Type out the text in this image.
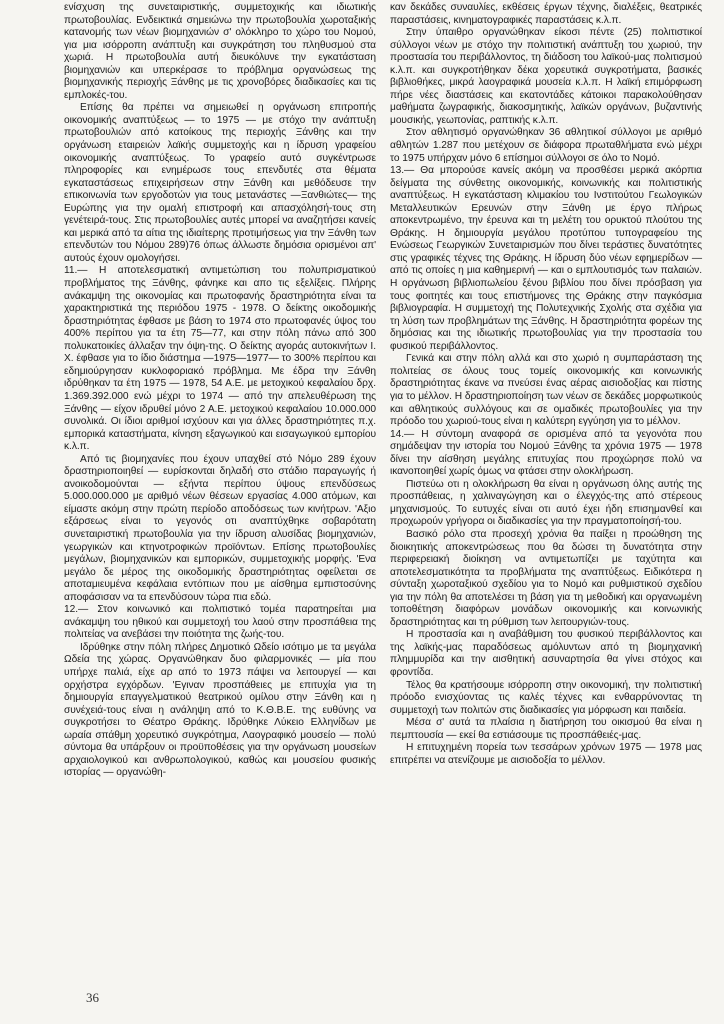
ενίσχυση της συνεταιριστικής, συμμετοχικής και ιδιωτικής πρωτοβουλίας. Ενδεικτικά σημειώνω την πρωτοβουλία χωροταξικής κατανομής των νέων βιομηχανιών σ' ολόκληρο το χώρο του Νομού, για μια ισόρροπη ανάπτυξη και συγκράτηση του πληθυσμού στα χωριά. Η πρωτοβουλία αυτή διευκόλυνε την εγκατάσταση βιομηχανιών και υπερκέρασε το πρόβλημα οργανώσεως της βιομηχανικής περιοχής Ξάνθης με τις χρονοβόρες διαδικασίες και τις εμπλοκές-του.

Επίσης θα πρέπει να σημειωθεί η οργάνωση επιτροπής οικονομικής αναπτύξεως — το 1975 — με στόχο την ανάπτυξη πρωτοβουλιών από κατοίκους της περιοχής Ξάνθης και την οργάνωση εταιρειών λαϊκής συμμετοχής και η ίδρυση γραφείου οικονομικής αναπτύξεως. Το γραφείο αυτό συγκέντρωσε πληροφορίες και ενημέρωσε τους επενδυτές στα θέματα εγκαταστάσεως επιχειρήσεων στην Ξάνθη και μεθόδευσε την επικοινωνία των εργοδοτών για τους μετανάστες —Ξανθιώτες— της Ευρώπης για την ομαλή επιστροφή και απασχόλησή-τους στη γενέτειρά-τους. Στις πρωτοβουλίες αυτές μπορεί να αναζητήσει κανείς και μερικά από τα αίτια της ιδιαίτερης προτιμήσεως για την Ξάνθη των επενδυτών του Νόμου 289)76 όπως άλλωστε δημόσια ορισμένοι απ' αυτούς έχουν ομολογήσει.

11.— Η αποτελεσματική αντιμετώπιση του πολυπρισματικού προβλήματος της Ξάνθης, φάνηκε και απο τις εξελίξεις. Πλήρης ανάκαμψη της οικονομίας και πρωτοφανής δραστηριότητα είναι τα χαρακτηριστικά της περιόδου 1975 - 1978. Ο δείκτης οικοδομικής δραστηριότητας έφθασε με βάση το 1974 στο πρωτοφανές ύψος του 400% περίπου για τα έτη 75—77, και στην πόλη πάνω από 300 πολυκατοικίες άλλαξαν την όψη-της. Ο δείκτης αγοράς αυτοκινήτων Ι. Χ. έφθασε για το ίδιο διάστημα —1975—1977— το 300% περίπου και εδημιούργησαν κυκλοφοριακό πρόβλημα. Με έδρα την Ξάνθη ιδρύθηκαν τα έτη 1975 — 1978, 54 Α.Ε. με μετοχικού κεφαλαίου δρχ. 1.369.392.000 ενώ μέχρι το 1974 — από την απελευθέρωση της Ξάνθης — είχον ιδρυθεί μόνο 2 Α.Ε. μετοχικού κεφαλαίου 10.000.000 συνολικά. Οι ίδιοι αριθμοί ισχύουν και για άλλες δραστηριότητες π.χ. εμπορικά καταστήματα, κίνηση εξαγωγικού και εισαγωγικού εμπορίου κ.λ.π.

Από τις βιομηχανίες που έχουν υπαχθεί στό Νόμο 289 έχουν δραστηριοποιηθεί — ευρίσκονται δηλαδή στο στάδιο παραγωγής ή ανοικοδομούνται — εξήντα περίπου ύψους επενδύσεως 5.000.000.000 με αριθμό νέων θέσεων εργασίας 4.000 ατόμων, και είμαστε ακόμη στην πρώτη περίοδο αποδόσεως των κινήτρων. 'Αξιο εξάρσεως είναι το γεγονός οτι αναπτύχθηκε σοβαρότατη συνεταιριστική πρωτοβουλία για την ίδρυση αλυσίδας βιομηχανιών, γεωργικών και κτηνοτροφικών προϊόντων. Επίσης πρωτοβουλίες μεγάλων, βιομηχανικών και εμπορικών, συμμετοχικής μορφής. 'Ενα μεγάλο δε μέρος της οικοδομικής δραστηριότητας οφείλεται σε αποταμιευμένα κεφάλαια εντόπιων που με αίσθημα εμπιστοσύνης αποφάσισαν να τα επενδύσουν τώρα πια εδώ.

12.— Στον κοινωνικό και πολιτιστικό τομέα παρατηρείται μια ανάκαμψη του ηθικού και συμμετοχή του λαού στην προσπάθεια της πολιτείας να ανεβάσει την ποιότητα της ζωής-του.

Ιδρύθηκε στην πόλη πλήρες Δημοτικό Ωδείο ισότιμο με τα μεγάλα Ωδεία της χώρας. Οργανώθηκαν δυο φιλαρμονικές — μία που υπήρχε παλιά, είχε αρ από το 1973 πάψει να λειτουργεί — και ορχήστρα εγχόρδων. 'Εγιναν προσπάθειες με επιτυχία για τη δημιουργία επαγγελματικού θεατρικού ομίλου στην Ξάνθη και η συνέχειά-τους είναι η ανάληψη από το Κ.Θ.Β.Ε. της ευθύνης να συγκροτήσει το Θέατρο Θράκης. Ιδρύθηκε Λύκειο Ελληνίδων με ωραία σπάθμη χορευτικό συγκρότημα, Λαογραφικό μουσείο — πολύ σύντομα θα υπάρξουν οι προϋποθέσεις για την οργάνωση μουσείων αρχαιολογικού και ανθρωπολογικού, καθώς και μουσείου φυσικής ιστορίας — οργανώθη-

καν δεκάδες συναυλίες, εκθέσεις έργων τέχνης, διαλέξεις, θεατρικές παραστάσεις, κινηματογραφικές παραστάσεις κ.λ.π.

Στην ύπαιθρο οργανώθηκαν είκοσι πέντε (25) πολιτιστικοί σύλλογοι νέων με στόχο την πολιτιστική ανάπτυξη του χωριού, την προστασία του περιβάλλοντος, τη διάδοση του λαϊκού-μας πολιτισμού κ.λ.π. και συγκροτήθηκαν δέκα χορευτικά συγκροτήματα, βασικές βιβλιοθήκες, μικρά λαογραφικά μουσεία κ.λ.π. Η λαϊκή επιμόρφωση πήρε νέες διαστάσεις και εκατοντάδες κάτοικοι παρακολούθησαν μαθήματα ζωγραφικής, διακοσμητικής, λαϊκών οργάνων, βυζαντινής μουσικής, γεωπονίας, ραπτικής κ.λ.π.

Στον αθλητισμό οργανώθηκαν 36 αθλητικοί σύλλογοι με αριθμό αθλητών 1.287 που μετέχουν σε διάφορα πρωταθλήματα ενώ μέχρι το 1975 υπήρχαν μόνο 6 επίσημοι σύλλογοι σε όλο το Νομό.

13.— Θα μπορούσε κανείς ακόμη να προσθέσει μερικά ακόρπια δείγματα της σύνθετης οικονομικής, κοινωνικής και πολιτιστικής αναπτύξεως. Η εγκατάσταση κλιμακίου του Ινστιτούτου Γεωλογικών Μεταλλευτικών Ερευνών στην Ξάνθη με έργο πλήρως αποκεντρωμένο, την έρευνα και τη μελέτη του ορυκτού πλούτου της Θράκης. Η δημιουργία μεγάλου προτύπου τυπογραφείου της Ενώσεως Γεωργικών Συνεταιρισμών που δίνει τεράστιες δυνατότητες στις γραφικές τέχνες της Θράκης. Η ίδρυση δύο νέων εφημερίδων — από τις οποίες η μια καθημερινή — και ο εμπλουτισμός των παλαιών. Η οργάνωση βιβλιοπωλείου ξένου βιβλίου που δίνει πρόσβαση για τους φοιτητές και τους επιστήμονες της Θράκης στην παγκόσμια βιβλιογραφία. Η συμμετοχή της Πολυτεχνικής Σχολής στα σχέδια για τη λύση των προβλημάτων της Ξάνθης. Η δραστηριότητα φορέων της δημόσιας και της ιδιωτικής πρωτοβουλίας για την προστασία του φυσικού περιβάλλοντος.

Γενικά και στην πόλη αλλά και στο χωριό η συμπαράσταση της πολιτείας σε όλους τους τομείς οικονομικής και κοινωνικής δραστηριότητας έκανε να πνεύσει ένας αέρας αισιοδοξίας και πίστης για το μέλλον. Η δραστηριοποίηση των νέων σε δεκάδες μορφωτικούς και αθλητικούς συλλόγους και σε ομαδικές πρωτοβουλίες για την πρόοδο του χωριού-τους είναι η καλύτερη εγγύηση για το μέλλον.

14.— Η σύντομη αναφορά σε ορισμένα από τα γεγονότα που σημάδεψαν την ιστορία του Νομού Ξάνθης τα χρόνια 1975 — 1978 δίνει την αίσθηση μεγάλης επιτυχίας που προχώρησε πολύ να ικανοποιηθεί χωρίς όμως να φτάσει στην ολοκλήρωση.

Πιστεύω οτι η ολοκλήρωση θα είναι η οργάνωση όλης αυτής της προσπάθειας, η χαλιναγώγηση και ο έλεγχός-της από στέρεους μηχανισμούς. Το ευτυχές είναι οτι αυτό έχει ήδη επισημανθεί και προχωρούν γρήγορα οι διαδικασίες για την πραγματοποίησή-του.

Βασικό ρόλο στα προσεχή χρόνια θα παίξει η προώθηση της διοικητικής αποκεντρώσεως που θα δώσει τη δυνατότητα στην περιφερειακή διοίκηση να αντιμετωπίζει με ταχύτητα και αποτελεσματικότητα τα προβλήματα της αναπτύξεως. Ειδικότερα η σύνταξη χωροταξικού σχεδίου για το Νομό και ρυθμιστικού σχεδίου για την πόλη θα αποτελέσει τη βάση για τη μεθοδική και οργανωμένη τοποθέτηση διαφόρων μονάδων οικονομικής και κοινωνικής δραστηριότητας και τη ρύθμιση των λειτουργιών-τους.

Η προστασία και η αναβάθμιση του φυσικού περιβάλλοντος και της λαϊκής-μας παραδόσεως αμόλυντων από τη βιομηχανική πλημμυρίδα και την αισθητική ασυναρτησία θα γίνει στόχος και φροντίδα.

Τέλος θα κρατήσουμε ισόρροπη στην οικονομική, την πολιτιστική πρόοδο ενισχύοντας τις καλές τέχνες και ενθαρρύνοντας τη συμμετοχή των πολιτών στις διαδικασίες για μόρφωση και παιδεία.

Μέσα σ' αυτά τα πλαίσια η διατήρηση του οικισμού θα είναι η πεμπτουσία — εκεί θα εστιάσουμε τις προσπάθειές-μας.

Η επιτυχημένη πορεία των τεσσάρων χρόνων 1975 — 1978 μας επιτρέπει να ατενίζουμε με αισιοδοξία το μέλλον.

36
